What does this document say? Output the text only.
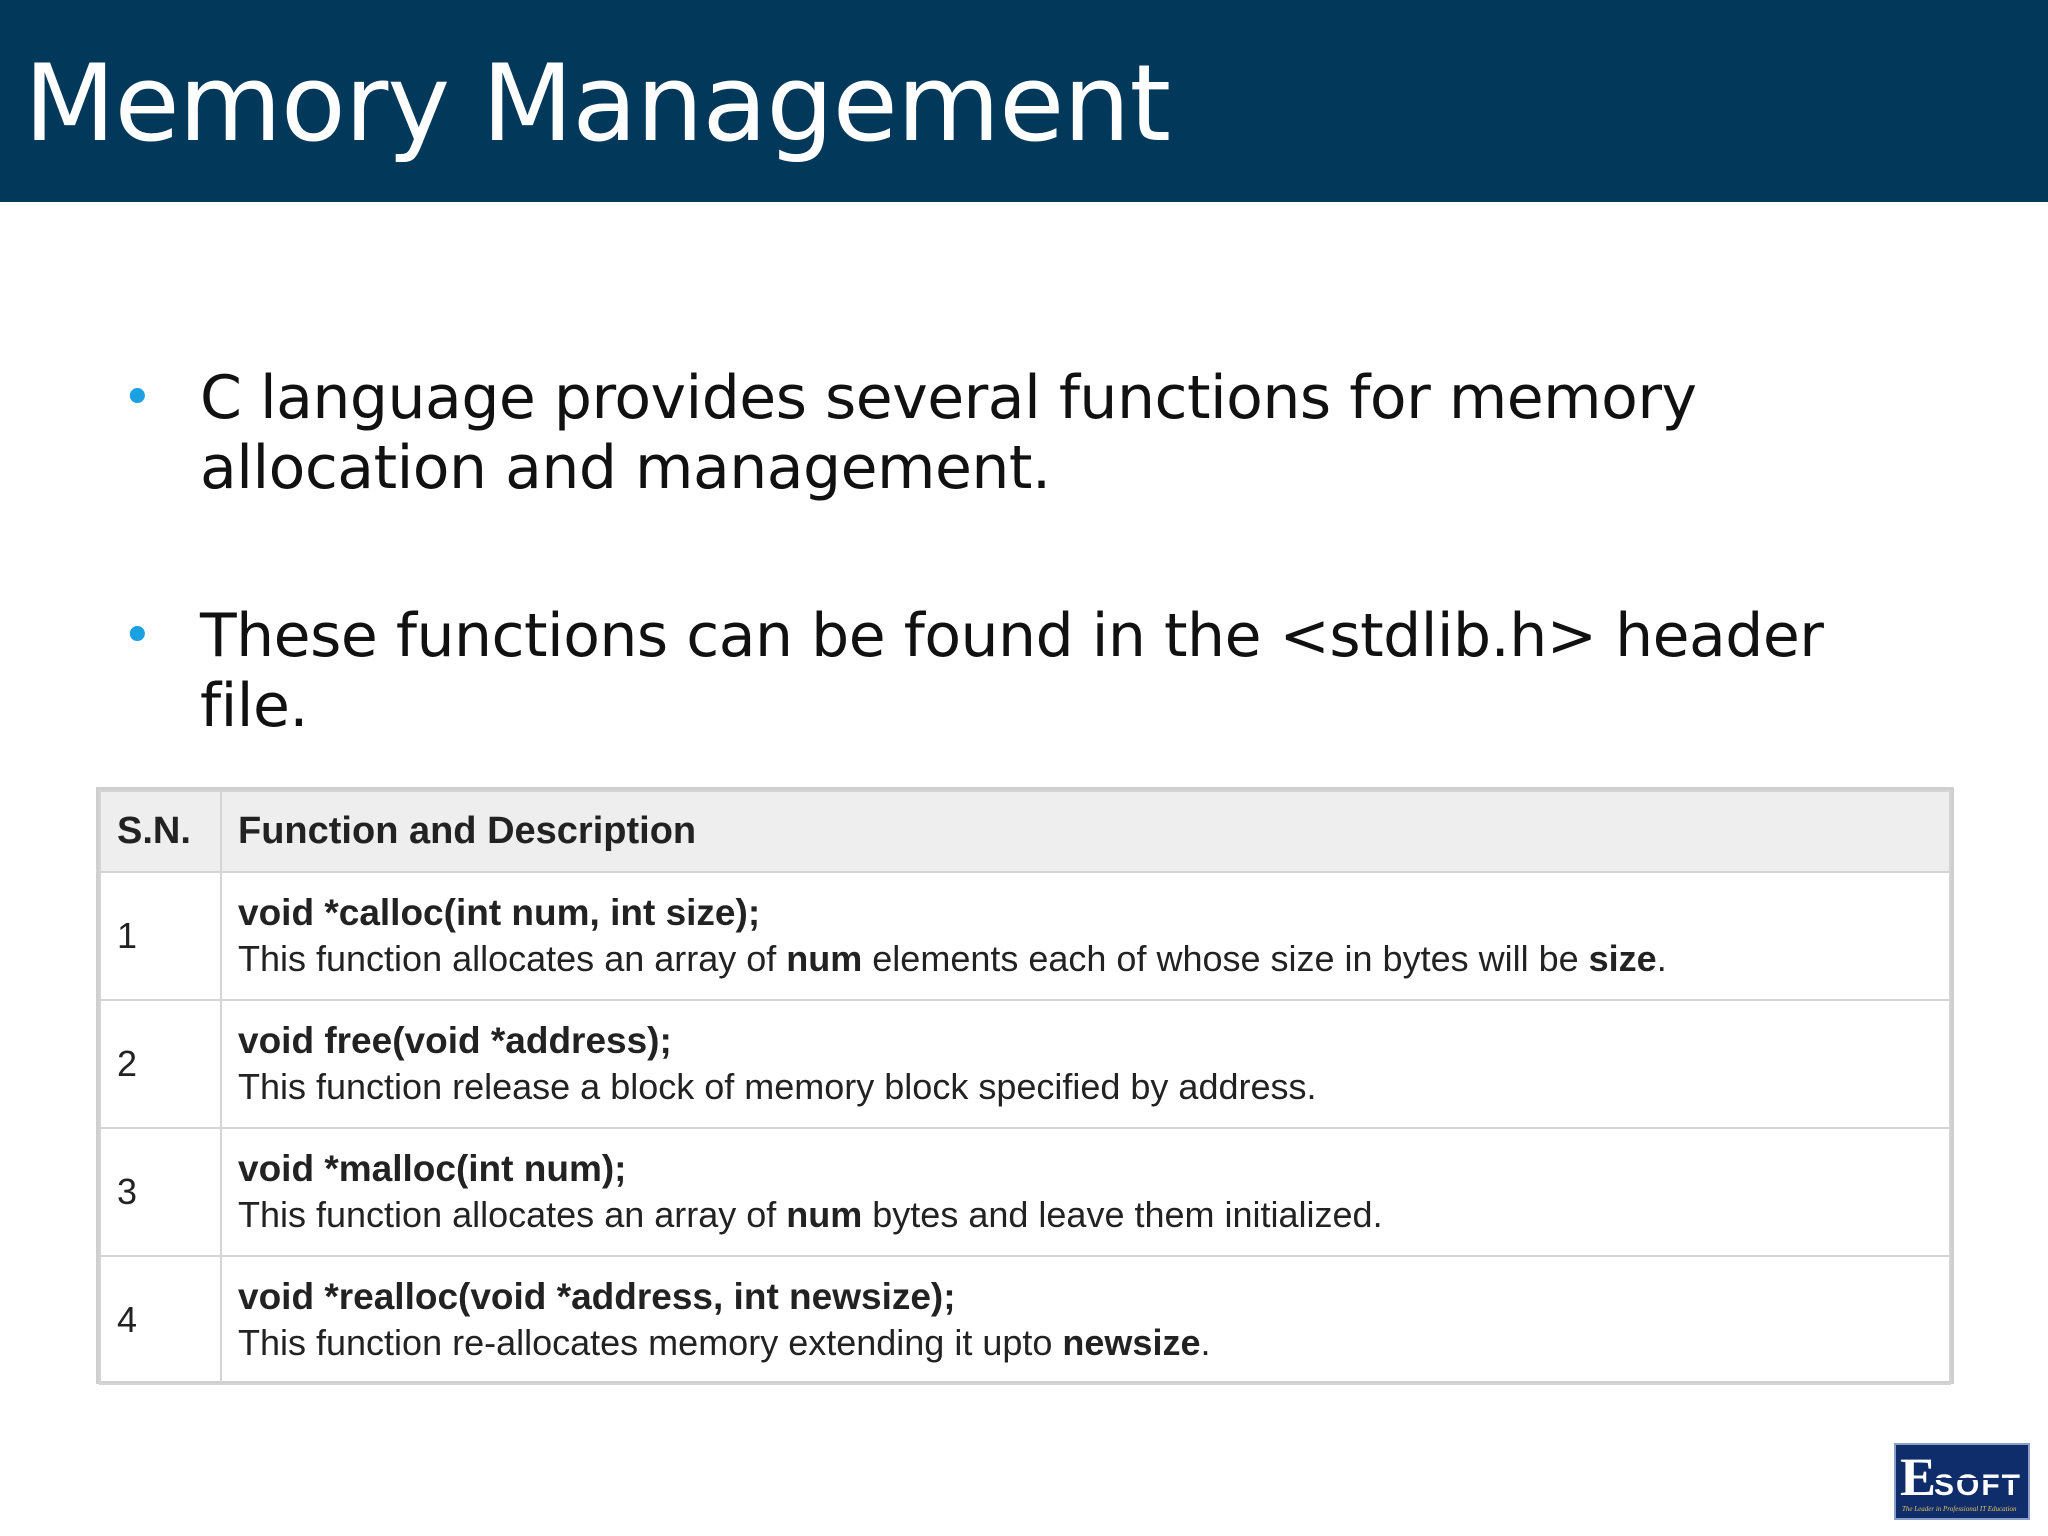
Memory Management
• C language provides several functions for memory allocation and management.
• These functions can be found in the <stdlib.h> header file.
S.N.	Function and Description
1	void *calloc(int num, int size);
This function allocates an array of num elements each of whose size in bytes will be size.

2	void free(void *address);
This function release a block of memory block specified by address.

3	void *malloc(int num);
This function allocates an array of num bytes and leave them initialized.

4	void *realloc(void *address, int newsize);
This function re-allocates memory extending it upto newsize.
E
SOFT
The Leader in Professional IT Education
